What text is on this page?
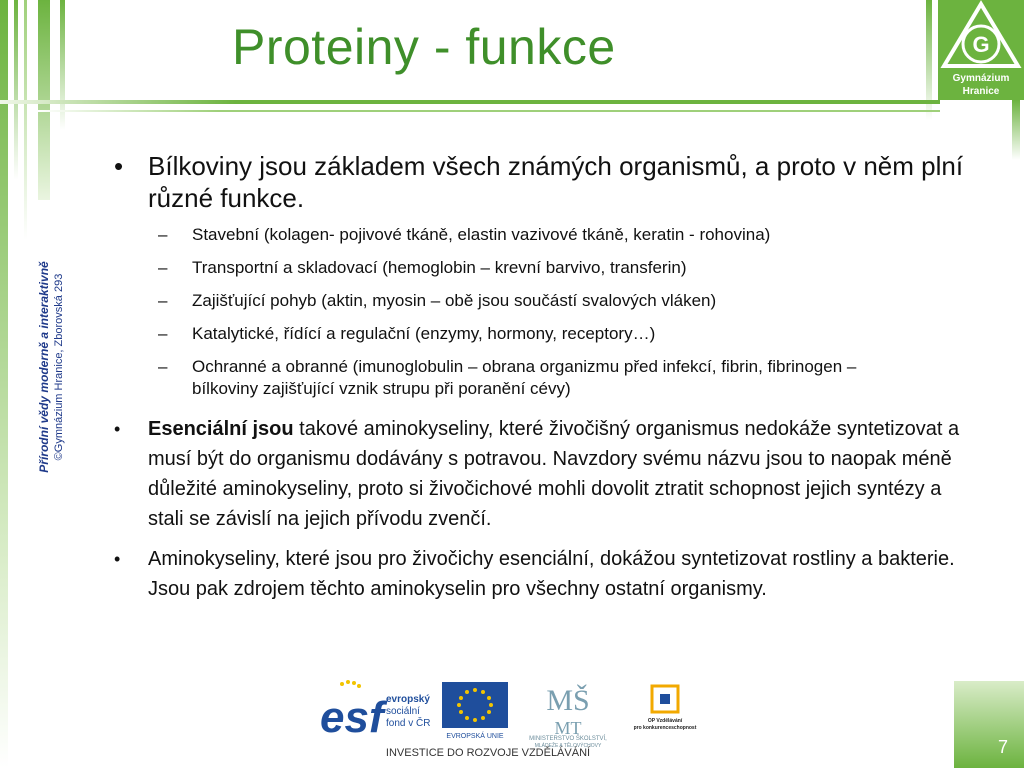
Proteiny - funkce	G
Gymnázium
Hranice
Přírodní vědy moderně a interaktivně ©Gymnázium Hranice, Zborovská 293
• Bílkoviny jsou základem všech známých organismů, a proto v něm plní různé funkce.
– Stavební (kolagen- pojivové tkáně, elastin vazivové tkáně, keratin - rohovina)
– Transportní a skladovací (hemoglobin – krevní barvivo, transferin)
– Zajišťující pohyb (aktin, myosin – obě jsou součástí svalových vláken)
– Katalytické, řídící a regulační (enzymy, hormony, receptory…)
– Ochranné a obranné (imunoglobulin – obrana organizmu před infekcí, fibrin, fibrinogen – bílkoviny zajišťující vznik strupu při poranění cévy)
• Esenciální jsou takové aminokyseliny, které živočišný organismus nedokáže syntetizovat a musí být do organismu dodávány s potravou. Navzdory svému názvu jsou to naopak méně důležité aminokyseliny, proto si živočichové mohli dovolit ztratit schopnost jejich syntézy a stali se závislí na jejich přívodu zvenčí.
• Aminokyseliny, které jsou pro živočichy esenciální, dokážou syntetizovat rostliny a bakterie. Jsou pak zdrojem těchto aminokyselin pro všechny ostatní organismy.
esf evropský
sociální
fond v ČR
EVROPSKÁ UNIE
MŠ
MT
MINISTERSTVO ŠKOLSTVÍ,
MLÁDEŽE A TĚLOVÝCHOVY
OP Vzdělávání
pro konkurenceschopnost
INVESTICE DO ROZVOJE VZDĚLÁVÁNÍ	7
